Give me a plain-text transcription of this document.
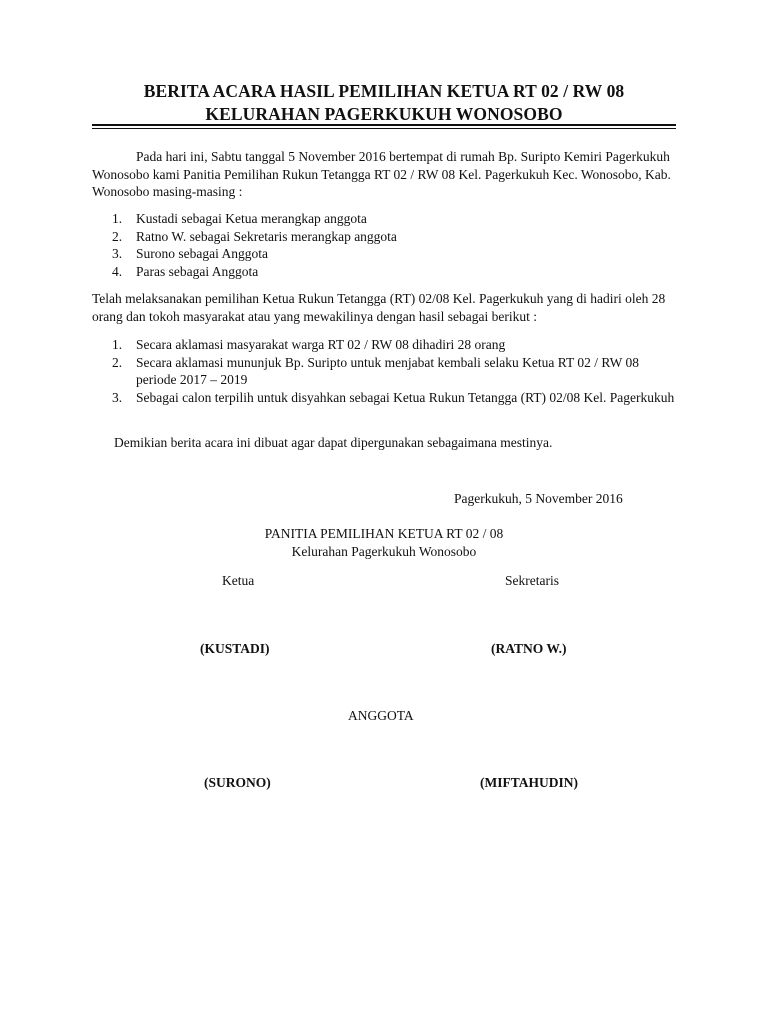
BERITA ACARA HASIL PEMILIHAN KETUA RT 02 / RW 08
KELURAHAN PAGERKUKUH WONOSOBO

Pada hari ini, Sabtu tanggal 5 November 2016 bertempat di rumah Bp. Suripto Kemiri Pagerkukuh Wonosobo kami Panitia Pemilihan Rukun Tetangga RT 02 / RW 08 Kel. Pagerkukuh Kec. Wonosobo, Kab. Wonosobo masing-masing :

1.	Kustadi sebagai Ketua merangkap anggota
2.	Ratno W. sebagai Sekretaris merangkap anggota
3.	Surono sebagai Anggota
4.	Paras sebagai Anggota

Telah melaksanakan pemilihan Ketua Rukun Tetangga (RT) 02/08 Kel. Pagerkukuh yang di hadiri oleh 28 orang dan tokoh masyarakat atau yang mewakilinya dengan hasil sebagai berikut :

1.	Secara aklamasi masyarakat warga RT 02 / RW 08 dihadiri 28 orang
2.	Secara aklamasi mununjuk Bp. Suripto untuk menjabat kembali selaku Ketua RT 02 / RW 08 periode 2017 – 2019
3.	Sebagai calon terpilih untuk disyahkan sebagai Ketua Rukun Tetangga (RT) 02/08 Kel. Pagerkukuh

Demikian berita acara ini dibuat agar dapat dipergunakan sebagaimana mestinya.

Pagerkukuh, 5 November 2016
PANITIA PEMILIHAN KETUA RT 02 / 08
Kelurahan Pagerkukuh Wonosobo
Ketua	Sekretaris
(KUSTADI)	(RATNO W.)
ANGGOTA
(SURONO)	(MIFTAHUDIN)
